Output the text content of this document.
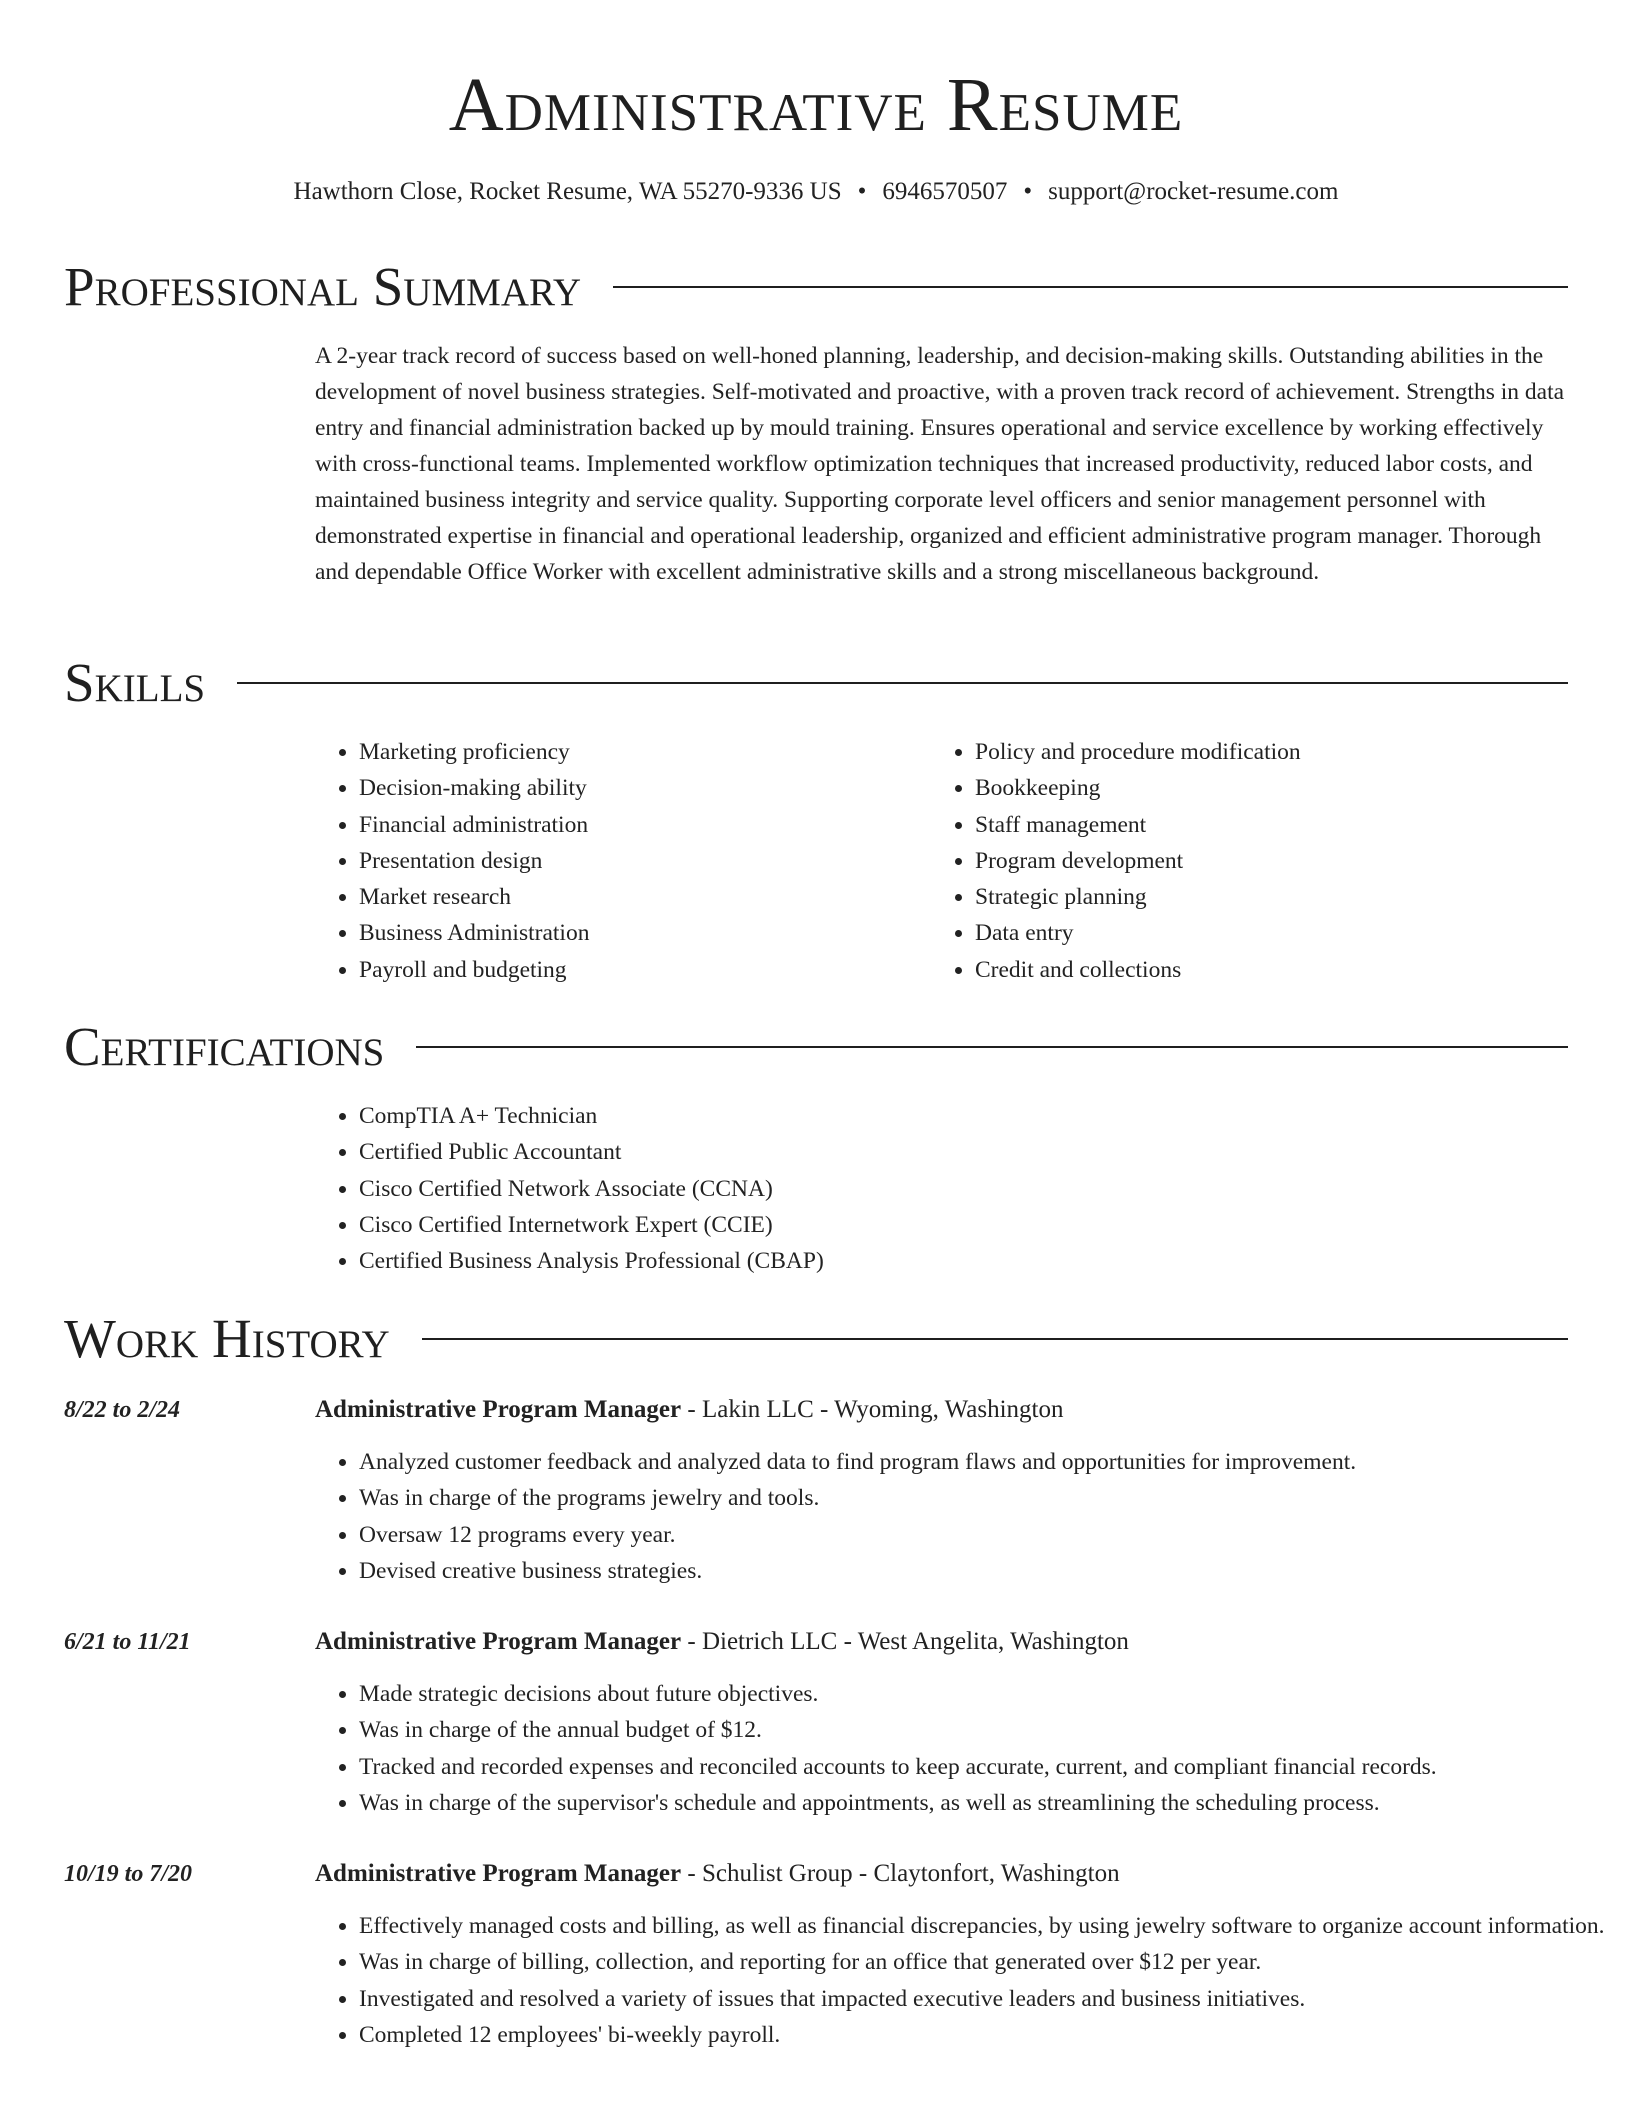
Administrative Resume
Hawthorn Close, Rocket Resume, WA 55270-9336 US • 6946570507 • support@rocket-resume.com
Professional Summary

A 2-year track record of success based on well-honed planning, leadership, and decision-making skills. Outstanding abilities in the development of novel business strategies. Self-motivated and proactive, with a proven track record of achievement. Strengths in data entry and financial administration backed up by mould training. Ensures operational and service excellence by working effectively with cross-functional teams. Implemented workflow optimization techniques that increased productivity, reduced labor costs, and maintained business integrity and service quality. Supporting corporate level officers and senior management personnel with demonstrated expertise in financial and operational leadership, organized and efficient administrative program manager. Thorough and dependable Office Worker with excellent administrative skills and a strong miscellaneous background.

Skills
• Marketing proficiency
• Decision-making ability
• Financial administration
• Presentation design
• Market research
• Business Administration
• Payroll and budgeting
• Policy and procedure modification
• Bookkeeping
• Staff management
• Program development
• Strategic planning
• Data entry
• Credit and collections
Certifications
• CompTIA A+ Technician
• Certified Public Accountant
• Cisco Certified Network Associate (CCNA)
• Cisco Certified Internetwork Expert (CCIE)
• Certified Business Analysis Professional (CBAP)
Work History
8/22 to 2/24	Administrative Program Manager - Lakin LLC - Wyoming, Washington
• Analyzed customer feedback and analyzed data to find program flaws and opportunities for improvement.
• Was in charge of the programs jewelry and tools.
• Oversaw 12 programs every year.
• Devised creative business strategies.
6/21 to 11/21	Administrative Program Manager - Dietrich LLC - West Angelita, Washington
• Made strategic decisions about future objectives.
• Was in charge of the annual budget of $12.
• Tracked and recorded expenses and reconciled accounts to keep accurate, current, and compliant financial records.
• Was in charge of the supervisor's schedule and appointments, as well as streamlining the scheduling process.
10/19 to 7/20	Administrative Program Manager - Schulist Group - Claytonfort, Washington
• Effectively managed costs and billing, as well as financial discrepancies, by using jewelry software to organize account information.
• Was in charge of billing, collection, and reporting for an office that generated over $12 per year.
• Investigated and resolved a variety of issues that impacted executive leaders and business initiatives.
• Completed 12 employees' bi-weekly payroll.
